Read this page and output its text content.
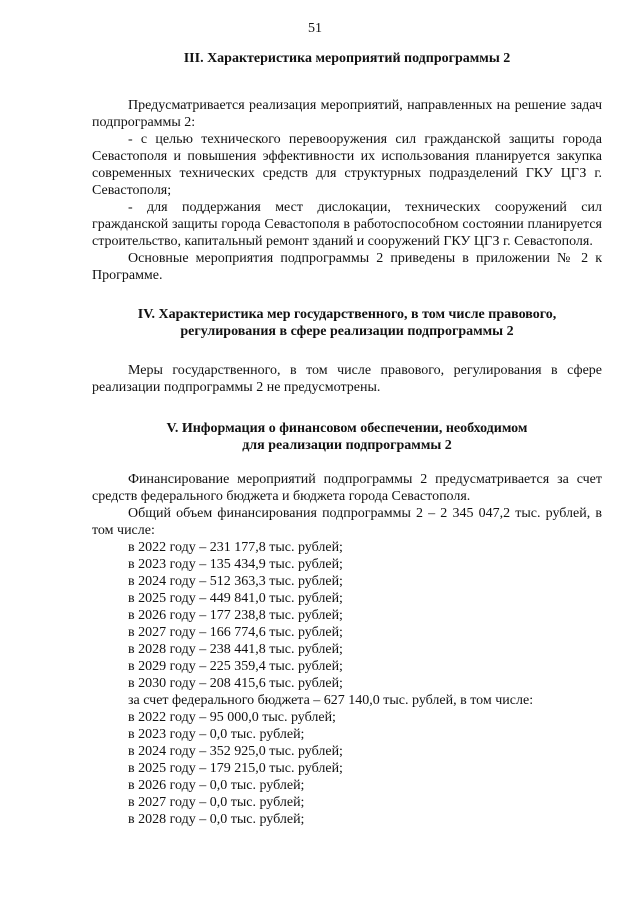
51
III. Характеристика мероприятий подпрограммы 2

Предусматривается реализация мероприятий, направленных на решение задач подпрограммы 2:

- с целью технического перевооружения сил гражданской защиты города Севастополя и повышения эффективности их использования планируется закупка современных технических средств для структурных подразделений ГКУ ЦГЗ г. Севастополя;

- для поддержания мест дислокации, технических сооружений сил гражданской защиты города Севастополя в работоспособном состоянии планируется строительство, капитальный ремонт зданий и сооружений ГКУ ЦГЗ г. Севастополя.

Основные мероприятия подпрограммы 2 приведены в приложении № 2 к Программе.

IV. Характеристика мер государственного, в том числе правового,
регулирования в сфере реализации подпрограммы 2

Меры государственного, в том числе правового, регулирования в сфере реализации подпрограммы 2 не предусмотрены.

V. Информация о финансовом обеспечении, необходимом
для реализации подпрограммы 2

Финансирование мероприятий подпрограммы 2 предусматривается за счет средств федерального бюджета и бюджета города Севастополя.

Общий объем финансирования подпрограммы 2 – 2 345 047,2 тыс. рублей, в том числе:

в 2022 году – 231 177,8 тыс. рублей;
в 2023 году – 135 434,9 тыс. рублей;
в 2024 году – 512 363,3 тыс. рублей;
в 2025 году – 449 841,0 тыс. рублей;
в 2026 году – 177 238,8 тыс. рублей;
в 2027 году – 166 774,6 тыс. рублей;
в 2028 году – 238 441,8 тыс. рублей;
в 2029 году – 225 359,4 тыс. рублей;
в 2030 году – 208 415,6 тыс. рублей;
за счет федерального бюджета – 627 140,0 тыс. рублей, в том числе:
в 2022 году – 95 000,0 тыс. рублей;
в 2023 году – 0,0 тыс. рублей;
в 2024 году – 352 925,0 тыс. рублей;
в 2025 году – 179 215,0 тыс. рублей;
в 2026 году – 0,0 тыс. рублей;
в 2027 году – 0,0 тыс. рублей;
в 2028 году – 0,0 тыс. рублей;
